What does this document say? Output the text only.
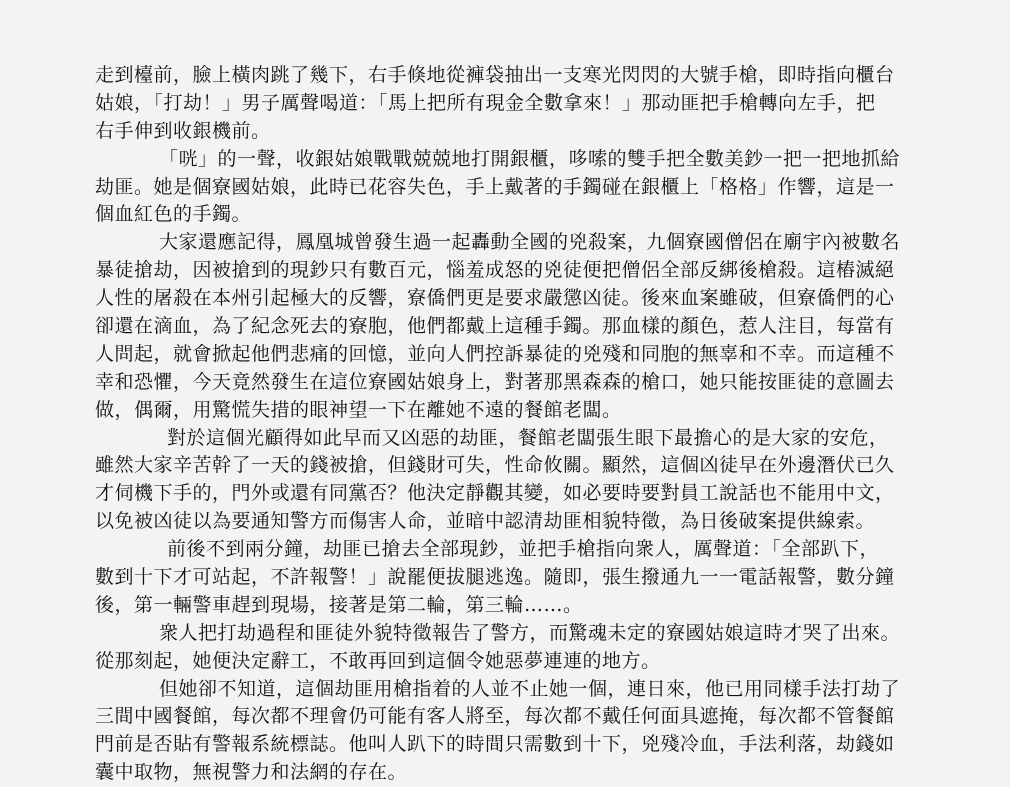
走到檯前，臉上橫肉跳了幾下，右手倏地從褲袋抽出一支寒光閃閃的大號手槍，即時指向櫃台
姑娘，「打劫！」男子厲聲喝道：「馬上把所有現金全數拿來！」那动匪把手槍轉向左手，把
右手伸到收銀機前。
「咣」的一聲，收銀姑娘戰戰兢兢地打開銀櫃，哆嗦的雙手把全數美鈔一把一把地抓給
劫匪。她是個寮國姑娘，此時已花容失色，手上戴著的手鐲碰在銀櫃上「格格」作響，這是一
個血紅色的手鐲。
大家還應記得，鳳凰城曾發生過一起轟動全國的兇殺案，九個寮國僧侶在廟宇內被數名
暴徒搶劫，因被搶到的現鈔只有數百元，惱羞成怒的兇徒便把僧侶全部反綁後槍殺。這樁滅絕
人性的屠殺在本州引起極大的反響，寮僑們更是要求嚴懲凶徒。後來血案雖破，但寮僑們的心
卻還在滴血，為了紀念死去的寮胞，他們都戴上這種手鐲。那血樣的顏色，惹人注目，每當有
人問起，就會掀起他們悲痛的回憶，並向人們控訴暴徒的兇殘和同胞的無辜和不幸。而這種不
幸和恐懼，今天竟然發生在這位寮國姑娘身上，對著那黑森森的槍口，她只能按匪徒的意圖去
做，偶爾，用驚慌失措的眼神望一下在離她不遠的餐館老闆。
對於這個光顧得如此早而又凶惡的劫匪，餐館老闆張生眼下最擔心的是大家的安危，
雖然大家辛苦幹了一天的錢被搶，但錢財可失，性命攸關。顯然，這個凶徒早在外邊潛伏已久
才伺機下手的，門外或還有同黨否？他決定靜觀其變，如必要時要對員工說話也不能用中文，
以免被凶徒以為要通知警方而傷害人命，並暗中認清劫匪相貌特徵，為日後破案提供線索。
前後不到兩分鐘，劫匪已搶去全部現鈔，並把手槍指向衆人，厲聲道：「全部趴下，
數到十下才可站起，不許報警！」說罷便拔腿逃逸。隨即，張生撥通九一一電話報警，數分鐘
後，第一輛警車趕到現場，接著是第二輪，第三輪……。
衆人把打劫過程和匪徒外貌特徵報告了警方，而驚魂未定的寮國姑娘這時才哭了出來。
從那刻起，她便決定辭工，不敢再回到這個令她惡夢連連的地方。
但她卻不知道，這個劫匪用槍指着的人並不止她一個，連日來，他已用同樣手法打劫了
三間中國餐館，每次都不理會仍可能有客人將至，每次都不戴任何面具遮掩，每次都不管餐館
門前是否貼有警報系統標誌。他叫人趴下的時間只需數到十下，兇殘冷血，手法利落，劫錢如
囊中取物，無視警力和法網的存在。
